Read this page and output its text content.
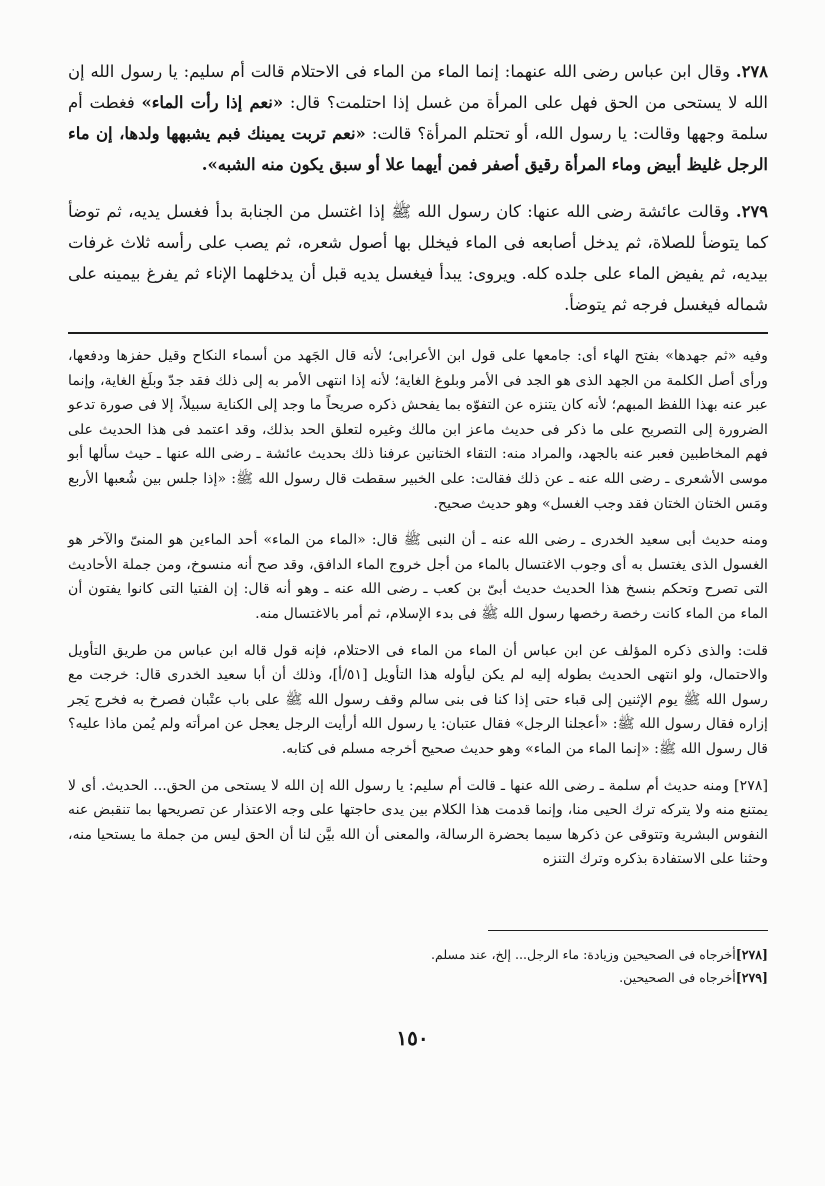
٢٧٨. وقال ابن عباس رضى الله عنهما: إنما الماء من الماء فى الاحتلام قالت أم سليم: يا رسول الله إن الله لا يستحى من الحق فهل على المرأة من غسل إذا احتلمت؟ قال: «نعم إذا رأت الماء» فغطت أم سلمة وجهها وقالت: يا رسول الله، أو تحتلم المرأة؟ قالت: «نعم تربت يمينك فبم يشبهها ولدها، إن ماء الرجل غليظ أبيض وماء المرأة رقيق أصفر فمن أيهما علا أو سبق يكون منه الشبه».

٢٧٩. وقالت عائشة رضى الله عنها: كان رسول الله ﷺ إذا اغتسل من الجنابة بدأ فغسل يديه، ثم توضأ كما يتوضأ للصلاة، ثم يدخل أصابعه فى الماء فيخلل بها أصول شعره، ثم يصب على رأسه ثلاث غرفات بيديه، ثم يفيض الماء على جلده كله. ويروى: يبدأ فيغسل يديه قبل أن يدخلهما الإناء ثم يفرغ بيمينه على شماله فيغسل فرجه ثم يتوضأ.

وفيه «ثم جهدها» بفتح الهاء أى: جامعها على قول ابن الأعرابى؛ لأنه قال الجَهد من أسماء النكاح وقيل حفزها ودفعها، ورأى أصل الكلمة من الجهد الذى هو الجد فى الأمر وبلوغ الغاية؛ لأنه إذا انتهى الأمر به إلى ذلك فقد جدّ وبلَغ الغاية، وإنما عبر عنه بهذا اللفظ المبهم؛ لأنه كان يتنزه عن التفوّه بما يفحش ذكره صريحاً ما وجد إلى الكناية سبيلاً، إلا فى صورة تدعو الضرورة إلى التصريح على ما ذكر فى حديث ماعز ابن مالك وغيره لتعلق الحد بذلك، وقد اعتمد فى هذا الحديث على فهم المخاطبين فعبر عنه بالجهد، والمراد منه: التقاء الختانين عرفنا ذلك بحديث عائشة ـ رضى الله عنها ـ حيث سألها أبو موسى الأشعرى ـ رضى الله عنه ـ عن ذلك فقالت: على الخبير سقطت قال رسول الله ﷺ: «إذا جلس بين شُعبها الأربع ومَس الختان الختان فقد وجب الغسل» وهو حديث صحيح.

ومنه حديث أبى سعيد الخدرى ـ رضى الله عنه ـ أن النبى ﷺ قال: «الماء من الماء» أحد الماءين هو المنىّ والآخر هو الغسول الذى يغتسل به أى وجوب الاغتسال بالماء من أجل خروج الماء الدافق، وقد صح أنه منسوخ، ومن جملة الأحاديث التى تصرح وتحكم بنسخ هذا الحديث حديث أبىّ بن كعب ـ رضى الله عنه ـ وهو أنه قال: إن الفتيا التى كانوا يفتون أن الماء من الماء كانت رخصة رخصها رسول الله ﷺ فى بدء الإسلام، ثم أمر بالاغتسال منه.

قلت: والذى ذكره المؤلف عن ابن عباس أن الماء من الماء فى الاحتلام، فإنه قول قاله ابن عباس من طريق التأويل والاحتمال، ولو انتهى الحديث بطوله إليه لم يكن ليأوله هذا التأويل [٥١/أ]، وذلك أن أبا سعيد الخدرى قال: خرجت مع رسول الله ﷺ يوم الإثنين إلى قباء حتى إذا كنا فى بنى سالم وقف رسول الله ﷺ على باب عتْبان فصرخ به فخرج يَجر إزاره فقال رسول الله ﷺ: «أعجلنا الرجل» فقال عتبان: يا رسول الله أرأيت الرجل يعجل عن امرأته ولم يُمن ماذا عليه؟ قال رسول الله ﷺ: «إنما الماء من الماء» وهو حديث صحيح أخرجه مسلم فى كتابه.

[٢٧٨] ومنه حديث أم سلمة ـ رضى الله عنها ـ قالت أم سليم: يا رسول الله إن الله لا يستحى من الحق... الحديث. أى لا يمتنع منه ولا يتركه ترك الحيى منا، وإنما قدمت هذا الكلام بين يدى حاجتها على وجه الاعتذار عن تصريحها بما تنقبض عنه النفوس البشرية وتتوقى عن ذكرها سيما بحضرة الرسالة، والمعنى أن الله بيَّن لنا أن الحق ليس من جملة ما يستحيا منه، وحثنا على الاستفادة بذكره وترك التنزه

[٢٧٨]أخرجاه فى الصحيحين وزيادة: ماء الرجل... إلخ، عند مسلم.

[٢٧٩]أخرجاه فى الصحيحين.

١٥٠
